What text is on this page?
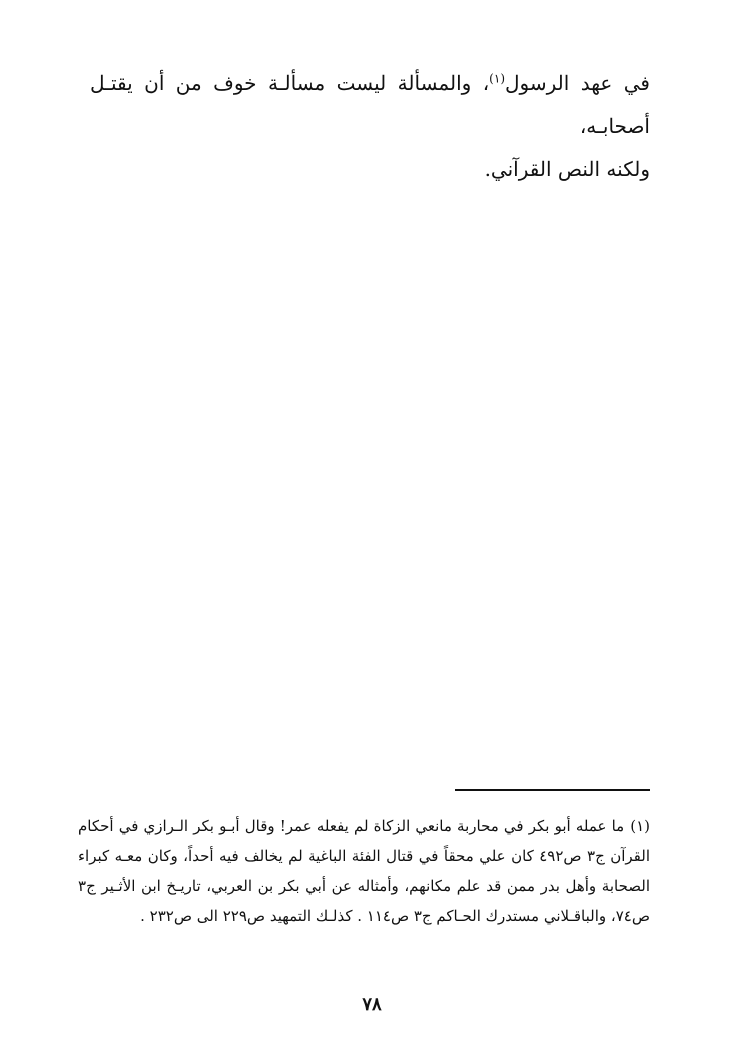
في عهد الرسول$^{(١)}$، والمسألة ليست مسألـة خوف من أن يقتـل أصحابـه،
ولكنه النص القرآني.

(١)ما عمله أبو بكر في محاربة مانعي الزكاة لم يفعله عمر! وقال أبـو بكر الـرازي في أحكام القرآن ج٣ ص٤٩٢ كان علي محقاً في قتال الفئة الباغية لم يخالف فيه أحداً، وكان معـه كبراء الصحابة وأهل بدر ممن قد علم مكانهم، وأمثاله عن أبي بكر بن العربي، تاريـخ ابن الأثـير ج٣ ص٧٤، والباقـلاني مستدرك الحـاكم ج٣ ص١١٤ . كذلـك التمهيد ص٢٢٩ الى ص٢٣٢ .

٧٨
